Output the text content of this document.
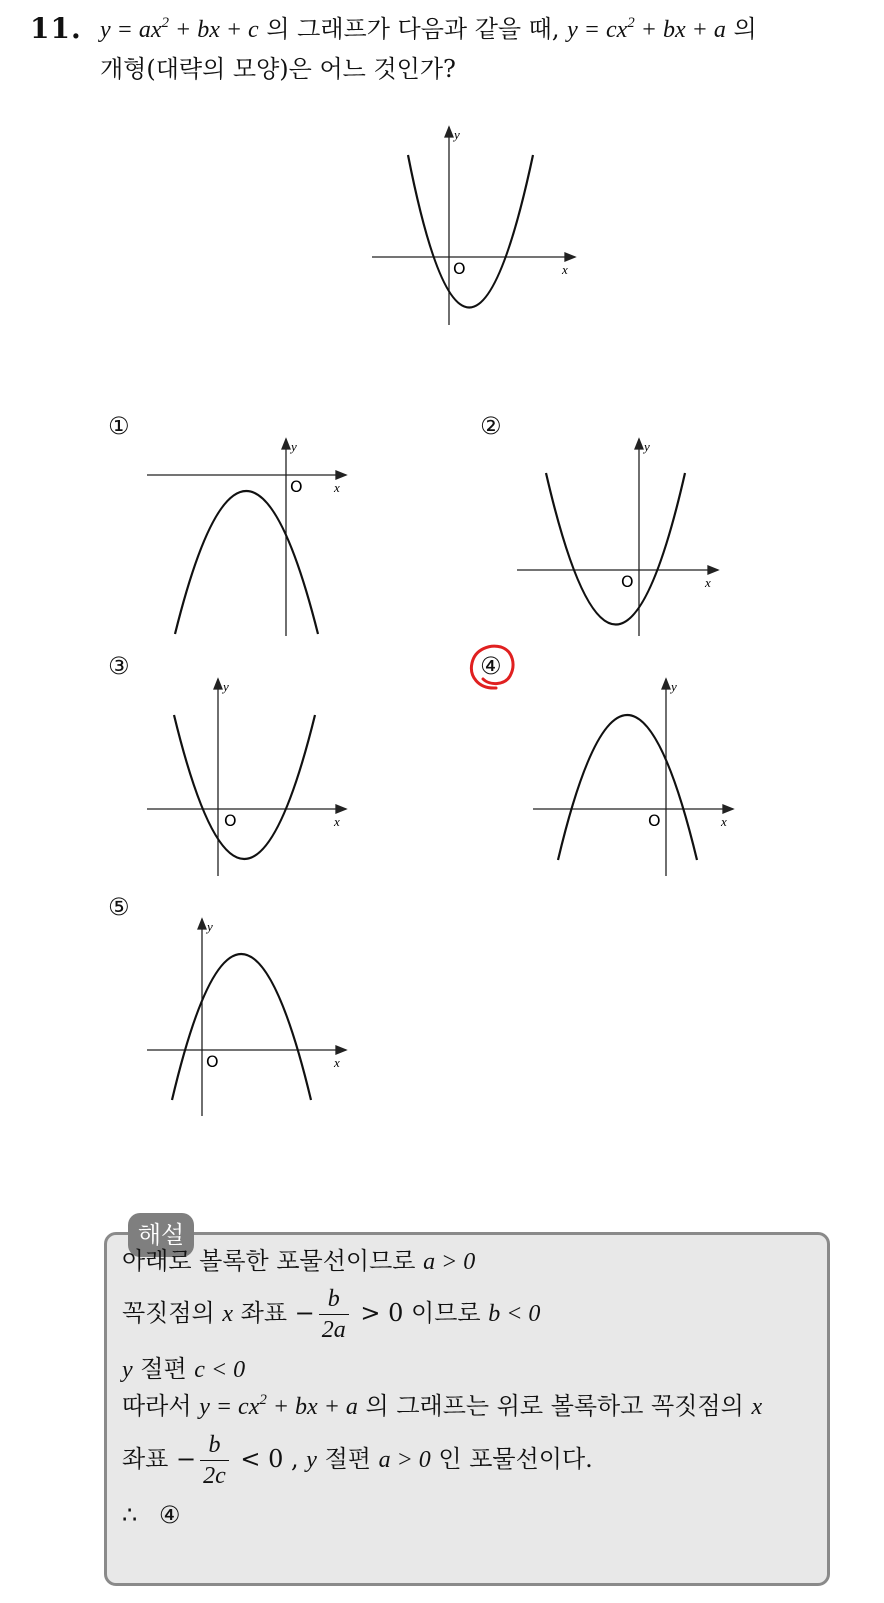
11. $y = ax^2$ + bx + c 의 그래프가 다음과 같을 때, $y = cx^2$ + bx + a 의
개형(대략의 모양)은 어느 것인가?
x
y
O
①	②
③	④
⑤
x
y
O
x
y
O
x
y
O	x
y
O
x
y
O
해설
아래로 볼록한 포물선이므로 a > 0
꼭짓점의 x 좌표 − $\frac{b}{2a} > 0$ 이므로 b < 0
y 절편 c < 0
따라서 $y = cx^2$ + bx + a 의 그래프는 위로 볼록하고 꼭짓점의 x
좌표 − $\frac{b}{2c} < 0$ , y 절편 a > 0 인 포물선이다.
∴ ④
